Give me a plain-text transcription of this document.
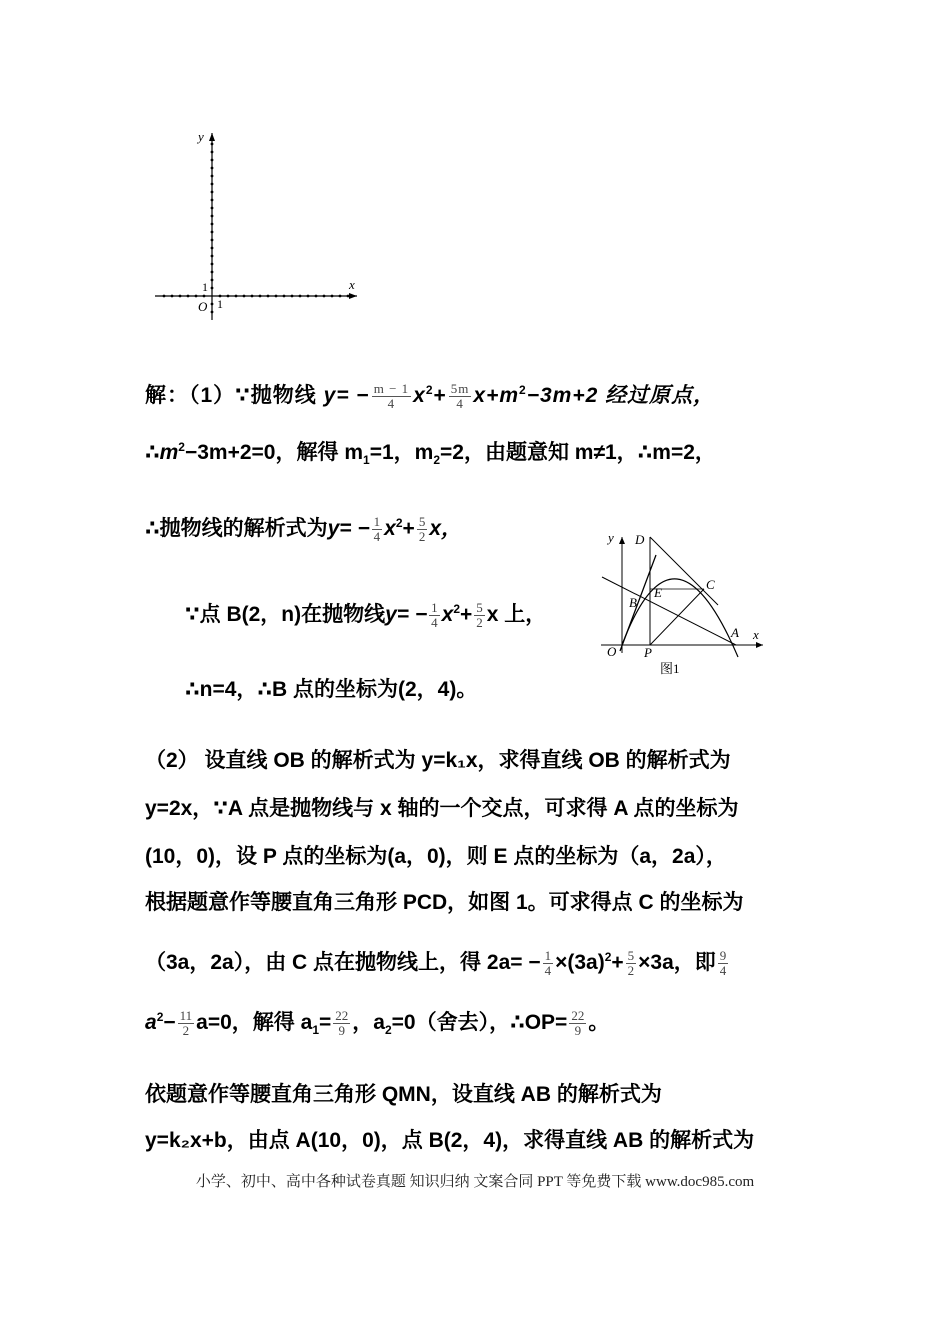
y
x
O 1
1
y
x
O
D
B
E
C
A
P
图1
解：（1）∵抛物线 $y= - \frac{m - 1}{4} x^2+ \frac{5m}{4} x+m^2-3m+2$ 经过原点，
$\therefore m^2-3m+2=0$，解得 $m_1=1$，$m_2=2$，由题意知 m≠1，∴m=2，
∴抛物线的解析式为$y= - \frac{1}{4} x^2+ \frac{5}{2}$ x，
∵点 B(2，n)在抛物线$y= - \frac{1}{4} x^2+ \frac{5}{2}$ x 上，
∴n=4，∴B 点的坐标为(2，4)。
（2） 设直线 OB 的解析式为 y=k₁x，求得直线 OB 的解析式为
y=2x，∵A 点是抛物线与 x 轴的一个交点，可求得 A 点的坐标为
(10，0)，设 P 点的坐标为(a，0)，则 E 点的坐标为（a，2a），
根据题意作等腰直角三角形 PCD，如图 1。可求得点 C 的坐标为
（3a，2a），由 C 点在抛物线上，得 $2a= - \frac{1}{4} \times(3a)^2+ \frac{5}{2} \times 3a$，即 $\frac{9}{4}$
$a^2- \frac{11}{2} a=0$，解得 $a_1= \frac{22}{9}$ ，$a_2=0$（舍去），∴OP= $\frac{22}{9}$ 。
依题意作等腰直角三角形 QMN，设直线 AB 的解析式为
y=k₂x+b，由点 A(10，0)，点 B(2，4)，求得直线 AB 的解析式为
小学、初中、高中各种试卷真题 知识归纳 文案合同 PPT 等免费下载 www.doc985.com
